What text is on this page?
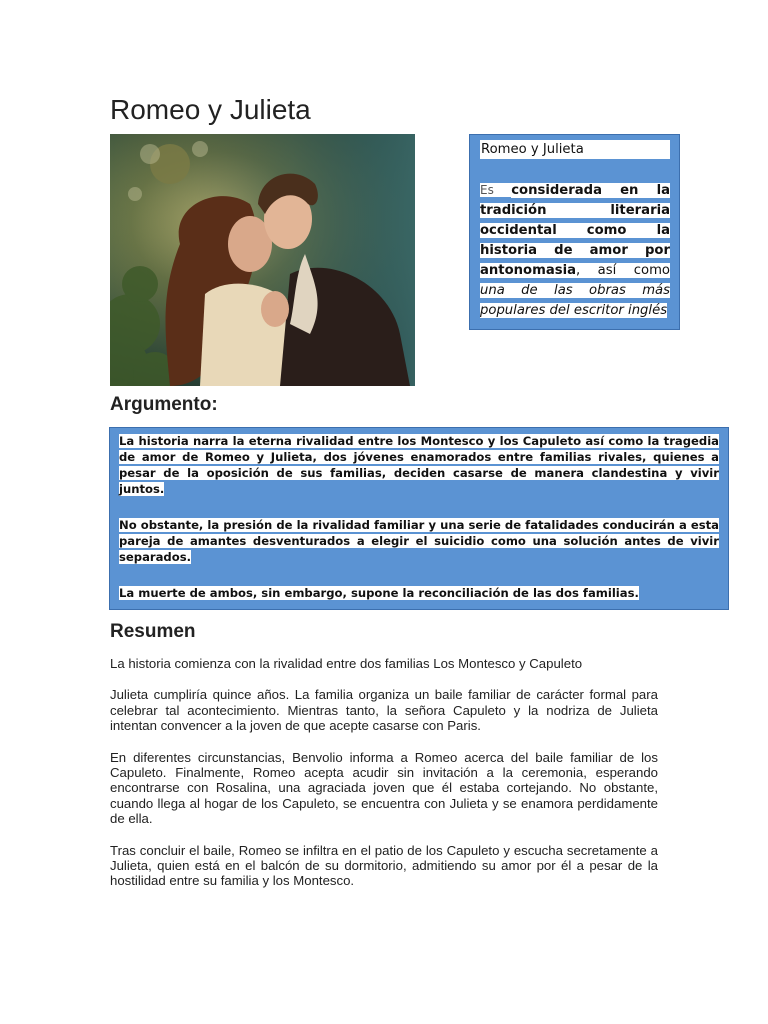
Romeo y Julieta
Romeo y Julieta
Es considerada en la tradición literaria occidental como la historia de amor por antonomasia, así como una de las obras más populares del escritor inglés
Argumento:

La historia narra la eterna rivalidad entre los Montesco y los Capuleto así como la tragedia de amor de Romeo y Julieta, dos jóvenes enamorados entre familias rivales, quienes a pesar de la oposición de sus familias, deciden casarse de manera clandestina y vivir juntos.

No obstante, la presión de la rivalidad familiar y una serie de fatalidades conducirán a esta pareja de amantes desventurados a elegir el suicidio como una solución antes de vivir separados.

La muerte de ambos, sin embargo, supone la reconciliación de las dos familias.

Resumen

La historia comienza con la rivalidad entre dos familias Los Montesco y Capuleto

Julieta cumpliría quince años. La familia organiza un baile familiar de carácter formal para celebrar tal acontecimiento. Mientras tanto, la señora Capuleto y la nodriza de Julieta intentan convencer a la joven de que acepte casarse con Paris.

En diferentes circunstancias, Benvolio informa a Romeo acerca del baile familiar de los Capuleto. Finalmente, Romeo acepta acudir sin invitación a la ceremonia, esperando encontrarse con Rosalina, una agraciada joven que él estaba cortejando. No obstante, cuando llega al hogar de los Capuleto, se encuentra con Julieta y se enamora perdidamente de ella.

Tras concluir el baile, Romeo se infiltra en el patio de los Capuleto y escucha secretamente a Julieta, quien está en el balcón de su dormitorio, admitiendo su amor por él a pesar de la hostilidad entre su familia y los Montesco.
